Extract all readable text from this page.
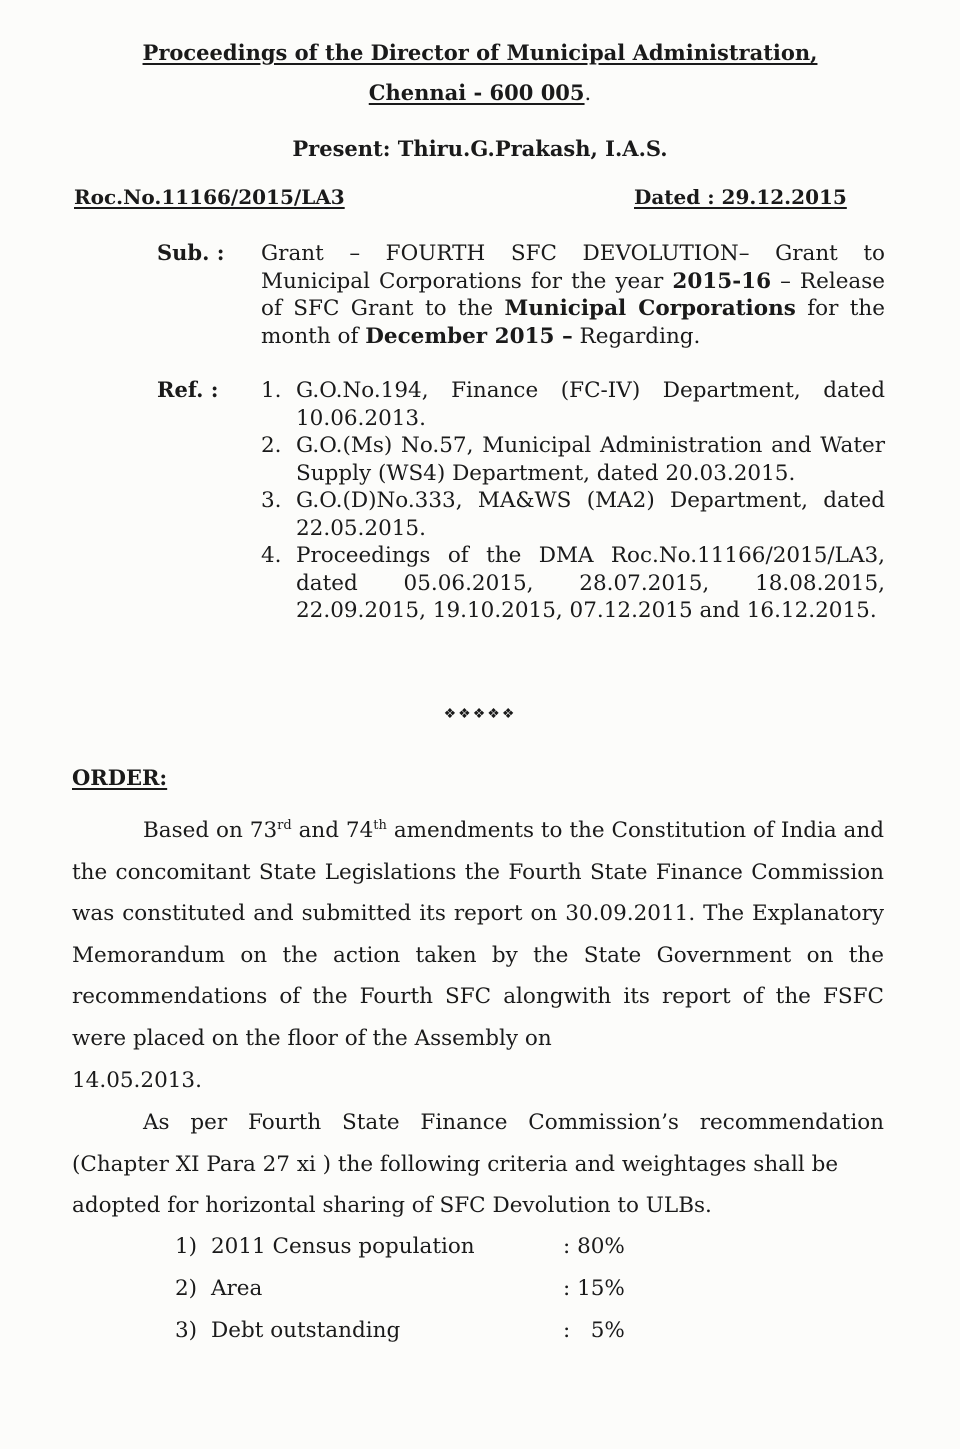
Proceedings of the Director of Municipal Administration,
Chennai - 600 005.
Present: Thiru.G.Prakash, I.A.S.
Roc.No.11166/2015/LA3	Dated : 29.12.2015
Sub. : Grant – FOURTH SFC DEVOLUTION– Grant to Municipal Corporations for the year 2015-16 – Release of SFC Grant to the Municipal Corporations for the month of December 2015 – Regarding.
Ref. : 1. G.O.No.194, Finance (FC-IV) Department, dated 10.06.2013.
2. G.O.(Ms) No.57, Municipal Administration and Water Supply (WS4) Department, dated 20.03.2015.
3. G.O.(D)No.333, MA&WS (MA2) Department, dated 22.05.2015.
4. Proceedings of the DMA Roc.No.11166/2015/LA3, dated 05.06.2015, 28.07.2015, 18.08.2015, 22.09.2015, 19.10.2015, 07.12.2015 and 16.12.2015.
❖❖❖❖❖
ORDER:
Based on 73rd and 74th amendments to the Constitution of India and the concomitant State Legislations the Fourth State Finance Commission was constituted and submitted its report on 30.09.2011. The Explanatory Memorandum on the action taken by the State Government on the recommendations of the Fourth SFC alongwith its report of the FSFC were placed on the floor of the Assembly on
14.05.2013.
As per Fourth State Finance Commission’s recommendation (Chapter XI Para 27 xi ) the following criteria and weightages shall be
adopted for horizontal sharing of SFC Devolution to ULBs.
1) 2011 Census population	: 80%
2) Area	: 15%
3) Debt outstanding	:   5%
